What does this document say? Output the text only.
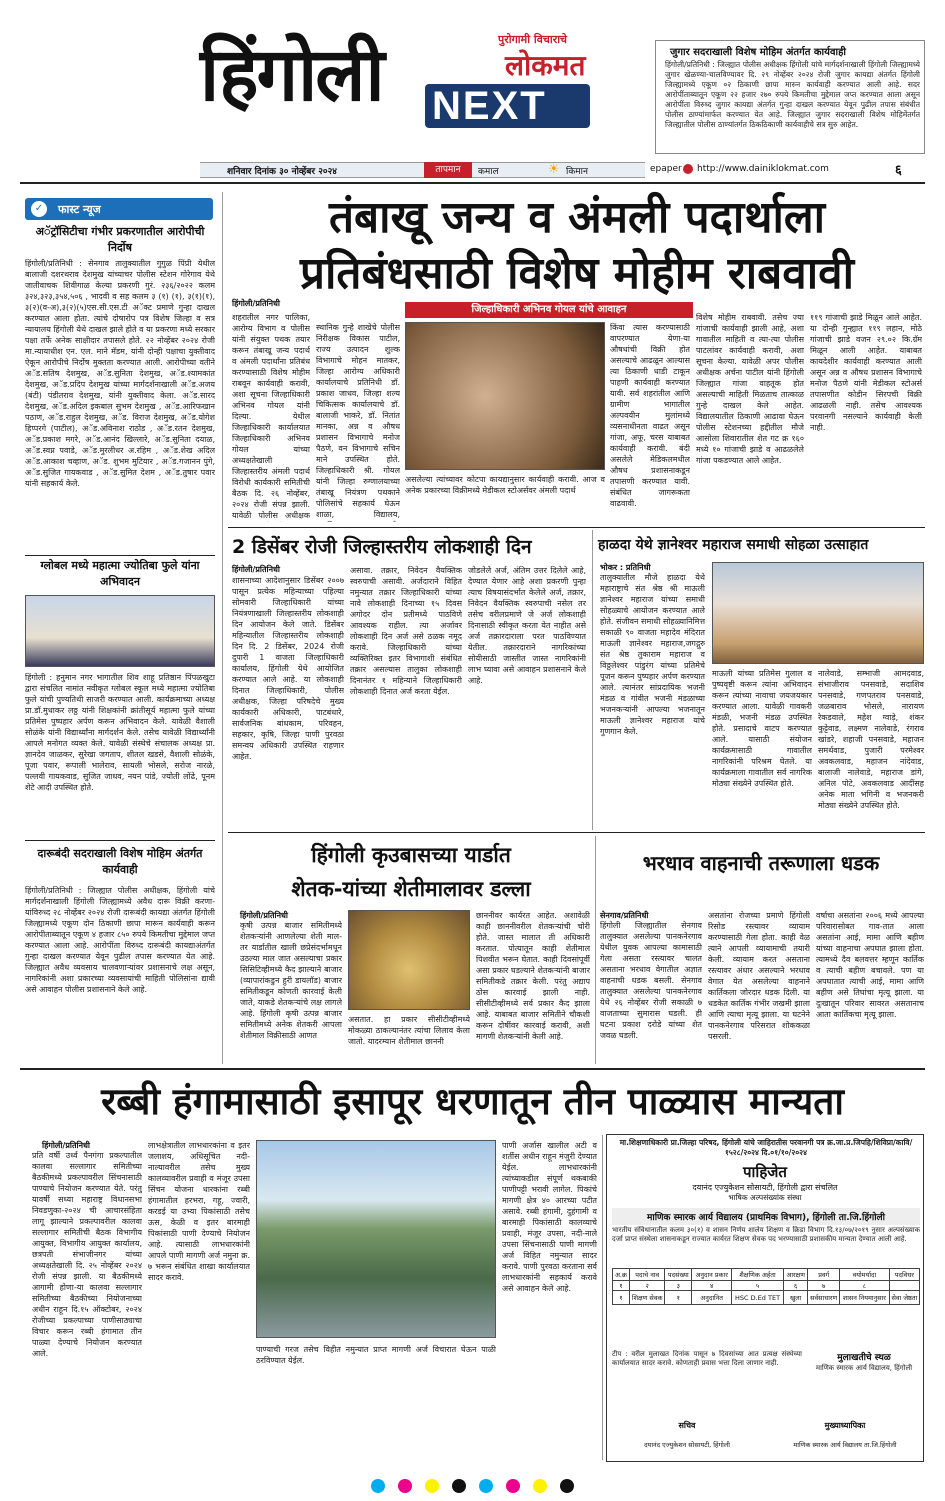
हिंगोली	पुरोगामी विचाराचे
लोकमत
NEXT
शनिवार दिनांक ३० नोव्हेंबर २०२४	तापमान	कमाल	☀ किमान	epaper http://www.dainiklokmat.com	६
जुगार सदराखाली विशेष मोहिम अंतर्गत कार्यवाही
हिंगोली/प्रतिनिधी : जिल्ह्यात पोलीस अधीक्षक हिंगोली यांचे मार्गदर्शनाखाली हिंगोली जिल्ह्यामध्ये जुगार खेळण्या-चालविण्यावर दि. २९ नोव्हेंबर २०२४ रोजी जुगार कायद्या अंतर्गत हिंगोली जिल्ह्यामध्ये एकूण ०२ ठिकाणी छापा मारुन कार्यवाही करण्यात आली आहे. सदर आरोपींताब्यातून एकूण २२ हजार २७० रुपये किमतीचा मुद्देमाल जप्त करण्यात आला असून आरोपींता विरुध्द जुगार कायद्या अंतर्गत गुन्हा दाखल करण्यात येवून पुढील तपास संबंधीत पोलीस ठाण्यांमार्फत करण्यात येत आहे. जिल्ह्यात जुगार सदराखाली विशेष मोहिमेंतर्गत जिल्ह्यातील पोलीस ठाण्यांतर्गत ठिकठिकाणी कार्यवाहीचे सत्र सुरु आहेत.
✓	फास्ट न्यूज
अॅट्रॉसिटीचा गंभीर प्रकरणातील आरोपीची निर्दोष
हिंगोली/प्रतिनिधी : सेनगाव तालुक्यातील गुगुळ पिंप्री येथील बालाजी दशरथराव देशमुख यांच्याचर पोलीस स्टेशन गोरेगाव येथे जातीवाचक शिवीगाळ केल्या प्रकरणी गुरं. २३६/२०२२ कलम ३२४,३२३,३५४,५०६ , भादवी व सह कलम ३ (१) (१), ३(१)(१), ३(२)(व-अ),३(२)(५)एस.सी.एस.टी अॅक्ट प्रमाणे गुन्हा दाखल करण्यात आला होता. त्यांचे दोषारोप पत्र विशेष जिल्हा व सत्र न्यायालय हिंगोली येथे दाखल झाले होते व या प्रकरणा मध्ये सरकार पक्षा तर्फे अनेक साक्षीदार तपासले होते. २२ नोव्हेंबर २०२४ रोजी मा.न्यायाधीश एन. एल. माने मॅडम, यांनी दोन्ही पक्षाचा युक्तीवाद ऐकून आरोपीचे निर्दोष मुक्तता करण्यात आली. आरोपीच्या वतीने अॅड.सतिष देशमुख, अॅड.सुनिता देशमुख, अॅड.श्यामकांत देशमुख, अॅड.प्रदिप देशमुख यांच्या मार्गदर्शनाखाली अॅड.अजय (बंटी) पंडीतराव देशमुख, यांनी युक्तीवाद केला. अॅड.सारद देशमुख, अॅड.अदिल इकबाल सुभम देशमुख , अॅड.आरिफखान पठाण, अॅड.राहुल देशमुख, अॅड. विराज देशमुख, अॅड.योगेश हिप्परगे (पाटील), अॅड.अविनाश राठोड , अॅड.रतन देशमुख, अॅड.प्रकाश मगरे, अॅड.आनंद खिल्लारे, अॅड.सुनिता दयाळ, अॅड.स्वप्न पवाडे, अॅड.मुरलीधर अ.रहिम , अॅड.शेख अदिल अॅड.आकाश चव्हाण, अॅड. शुभम मुटियार , अॅड.गजानन पुंगे, अॅड.सुजित गायकवाड , अॅड.सुमित देशम , अॅड.तुषार पवार यांनी सहकार्य केले.
ग्लोबल मध्ये महात्मा ज्योतिबा फुले यांना अभिवादन
हिंगोली : हनुमान नगर भागातील शिव शाहू प्रतिष्ठान पिंपळखुटा द्वारा संचलित नामांत नवीकृत ग्लोबल स्कूल मध्ये महात्मा ज्योतिबा फुले यांची पुण्यतिथी साजरी करण्यात आली. कार्यक्रमाच्या अध्यक्ष प्रा.डॉ.मुधाकर लठ्ठ यांनी शिक्षकांनी क्रांतीसूर्य महात्मा फुले यांच्या प्रतिमेस पुष्पहार अर्पण करून अभिवादन केले. यावेळी वैशाली सोळंके यांनी विद्यार्थ्यांना मार्गदर्शन केले. तसेच यावेळी विद्यार्थ्यांनी आपले मनोगत व्यक्त केले. यावेळी संस्थेचे संचालक अध्यक्ष प्रा. ज्ञानदेव जाळकर, सुरेखा जगताप, शीतल खडसे, वैशाली सोळंके, पूजा पवार, रूपाली भालेराव, सायली भोसले, सरोज नारळे, पल्लवी गायकवाड, सुजित जाधव, नयन पांडे, ज्योती लोंढे, पूनम शेटे आदी उपस्थित होते.
दारूबंदी सदराखाली विशेष मोहिम अंतर्गत कार्यवाही
हिंगोली/प्रतिनिधी : जिल्ह्यात पोलीस अधीक्षक, हिंगोली यांचे मार्गदर्शनाखाली हिंगोली जिल्ह्यामध्ये अवैध दारू विक्री करणा-यांविरुध्द २८ नोव्हेंबर २०२४ रोजी दारूबंदी कायद्या अंतर्गत हिंगोली जिल्ह्यामध्ये एकूण दोन ठिकाणी छापा मारून कार्यवाही करून आरोपीताब्यातून एकूण ४ हजार ८५० रुपये किमतीचा मुद्देमाल जप्त करण्यात आला आहे. आरोपींता विरुध्द दारूबंदी कायद्याअंतर्गत गुन्हा दाखल करण्यात येवून पुढील तपास करण्यात येत आहे. जिल्ह्यात अवैध व्यवसाय चालवणाऱ्यांवर प्रशासनाचे लक्ष असून, नागरिकांनी अशा प्रकारच्या व्यवसायांची माहिती पोलिसांना द्यावी असे आवाहन पोलीस प्रशासनाने केले आहे.
तंबाखू जन्य व अंमली पदार्थाला
प्रतिबंधसाठी विशेष मोहीम राबवावी
हिंगोली/प्रतिनिधी
जिल्हाधिकारी अभिनव गोयल यांचे आवाहन
शहरातील नगर पालिका, आरोग्य विभाग व पोलीस यांनी संयुक्त पथक तयार करून तंबाखू जन्य पदार्थ व अंमली पदार्थांना प्रतिबंध करण्यासाठी विशेष मोहीम राबवून कार्यवाही करावी, अशा सूचना जिल्हाधिकारी अभिनव गोयल यांनी दिल्या. येथील जिल्हाधिकारी कार्यालयात जिल्हाधिकारी अभिनव गोयल यांच्या अध्यक्षतेखाली जिल्हास्तरीय अंमली पदार्थ विरोधी कार्यकारी समितीची बैठक दि. २६ नोव्हेंबर, २०२४ रोजी संपन्न झाली. यावेळी पोलीस अधीक्षक
स्थानिक गुन्हे शाखेचे पोलीस निरीक्षक विकास पाटील, राज्य उत्पादन शुल्क विभागाचे मोहन मातकर, जिल्हा आरोग्य अधिकारी कार्यालयाचे प्रतिनिधी डॉ. प्रकाश जाधव, जिल्हा शल्य चिकित्सक कार्यालयाचे डॉ. बालाजी भाकरे, डॉ. नितांत मानका, अन्न व औषध प्रशासन विभागाचे मनोज पैठणे, वन विभागाचे सचिन माने उपस्थित होते. जिल्हाधिकारी श्री. गोयल यांनी जिल्हा रुग्णालयाच्या तंबाखू नियंत्रण पथकाने पोलिसांचे सहकार्य घेऊन शाळा, विद्यालय,
असलेल्या त्यांच्यावर कोटपा कायद्यानुसार कार्यवाही करावी. आज व अनेक प्रकारच्या विक्रीमध्ये मेडीकल स्टोअर्सवर अंमली पदार्थ
किंवा त्यास करण्यासाठी वापरण्यात येणा-या औषधांची विक्री होत असल्याचे आढळून आल्यास त्या ठिकाणी धाडी टाकून पाहणी कार्यवाही करण्यात यावी. सर्व शहरांतील आणि ग्रामीण भागातील अल्पवयीन मुलांमध्ये व्यसनाधीनता वाढत असून गांजा, अफू, चरस याबाबत कार्यवाही करावी. बंदी असलेले मेडिकलमधील औषध प्रशासनाकडून तपासणी करण्यात यावी. संबंधित जागरूकता वाढवावी.
विशेष मोहीम राबवावी. तसेच ज्या गांजाची कार्यवाही झाली आहे, अशा गावातील माहिती व त्या-त्या पोलीस पाटलांवर कार्यवाही करावी, अशा सूचना केल्या. यावेळी अपर पोलीस अधीक्षक अर्चना पाटील यांनी हिंगोली जिल्ह्यात गांजा वाहतूक होत असल्याची माहिती मिळताच तात्काळ गुन्हे दाखल केले आहेत. विद्यालयातील ठिकाणी आढावा घेऊन पोलीस स्टेशनच्या हद्दीतील मौजे आसोला शिवारातील शेत गट क्र १६० मध्ये १० गांजाची झाडे व आढळलेले गांजा पकडण्यात आले आहेत.
११९ गांजाची झाडे मिळून आले आहेत. या दोन्ही गुन्ह्यात ११९ लहान, मोठे गांजाची झाडे वजन २९.०२ कि.ग्रॅम मिळून आली आहेत. याबाबत कायदेशीर कार्यवाही करण्यात आली असून अन्न व औषध प्रशासन विभागाचे मनोज पैठणे यांनी मेडीकल स्टोअर्स तपासणीत कोडीन सिरपची विक्री आढळली नाही. तसेच आवश्यक परवानगी नसल्याने कार्यवाही केली नाही.
2 डिसेंबर रोजी जिल्हास्तरीय लोकशाही दिन
हिंगोली/प्रतिनिधी
शासनाच्या आदेशानुसार डिसेंबर २००७ पासून प्रत्येक महिन्याच्या पहिल्या सोमवारी जिल्हाधिकारी यांच्या नियंत्रणाखाली जिल्हास्तरीय लोकशाही दिन आयोजन केले जाते. डिसेंबर महिन्यातील जिल्हास्तरीय लोकशाही दिन दि. 2 डिसेंबर, 2024 रोजी दुपारी 1 वाजता जिल्हाधिकारी कार्यालय, हिंगोली येथे आयोजित करण्यात आले आहे. या लोकशाही दिनात जिल्हाधिकारी, पोलीस अधीक्षक, जिल्हा परिषदेचे मुख्य कार्यकारी अधिकारी, पाटबंधारे, सार्वजनिक बांधकाम, परिवहन, सहकार, कृषि, जिल्हा पाणी पुरवठा समन्वय अधिकारी उपस्थित राहणार आहेत.
असावा. तक्रार, निवेदन वैयक्तिक स्वरुपाची असावी. अर्जदाराने विहित नमुन्यात तक्रार जिल्हाधिकारी यांच्या नावे लोकशाही दिनाच्या १५ दिवस अगोदर दोन प्रतीमध्ये पाठविणे आवश्यक राहील. त्या अर्जावर लोकशाही दिन अर्ज असे ठळक नमूद करावे. जिल्हाधिकारी यांच्या व्यक्तिरिक्त इतर विभागाशी संबंधित तक्रार असल्यास तालुका लोकशाही दिनानंतर १ महिन्याने जिल्हाधिकारी लोकशाही दिनात अर्ज करता येईल.
जोडलेले अर्ज, अंतिम उत्तर दिलेले आहे, देण्यात येणार आहे अशा प्रकरणी पुन्हा त्याच विषयासंदर्भात केलेले अर्ज, तक्रार, निवेदन वैयक्तिक स्वरुपाची नसेल तर तसेच वरीलप्रमाणे जे अर्ज लोकशाही दिनासाठी स्वीकृत करता येत नाहीत असे अर्ज तक्रारदाराला परत पाठविण्यात येतील. तक्रारदाराने नागरिकांच्या सोयीसाठी जास्तीत जास्त नागरिकांनी लाभ घ्यावा असे आवाहन प्रशासनाने केले आहे.
हाळदा येथे ज्ञानेश्वर महाराज समाधी सोहळा उत्साहात
भोकर : प्रतिनिधी
तालुक्यातील मौजे हाळदा येथे महाराष्ट्राचे संत श्रेष्ठ श्री माऊली ज्ञानेश्वर महाराज यांच्या समाधी सोहळ्याचे आयोजन करण्यात आले होते. संजीवन समाधी सोहळ्यानिमित्त सकाळी ९० वाजता महादेव मंदिरात माऊली ज्ञानेश्वर महाराज,जगद्गुरु संत श्रेष्ठ तुकाराम महाराज व विठ्ठलेश्वर पांडुरंग यांच्या प्रतिमेचे पूजन करून पुष्पहार अर्पण करण्यात आले. त्यानंतर सांप्रदायिक भजनी मंडळ व गांवीत भजनी मंडळाच्या भजनकऱ्यांनी आपल्या भजनातून माऊली ज्ञानेश्वर महाराज यांचे गुणगान केले.
माऊली यांच्या प्रतिमेस गुलाल व पुष्पवृष्टी करून त्यांना अभिवादन करून त्यांच्या नावाचा जयजयकार करण्यात आला. यावेळी गावकरी मंडळी, भजनी मंडळ उपस्थित होते. प्रसादाचे वाटप करण्यात आले. यासाठी संयोजन कार्यक्रमासाठी गावातील नागरिकांनी परिश्रम घेतले. या कार्यक्रमाला गावातील सर्व नागरिक मोठ्या संख्येने उपस्थित होते.
नालेवाडे, सम्भाजी आमदवाड, संभाजीराव पनसवाडे, सदाशिव पनसवाडे, गणपतराव पनसवाडे, जळबाराव भोसले, नारायण रेकडवाले, महेश ग्वाड़े, शंकर कुट्टेवाड, लक्ष्मण नालेवाडे, रंगराव खांडरे, शहाजी पनसवाडे, महाजन समर्थवाड, पुजारी परमेश्वर अवकलवाड, महाजन नांदेवाड, बालाजी नालेवाडे, महाराज डांगे, अनिल पोटे, अवकलवाड आदींसह अनेक माता भगिनी व भजनकरी मोठ्या संख्येने उपस्थित होते.
हिंगोली कृउबासच्या यार्डात
शेतक-यांच्या शेतीमालावर डल्ला
हिंगोली/प्रतिनिधी
कृषी उत्पन्न बाजार समितीमध्ये शेतकर्‍यांनी आणलेल्या शेती माल-तर यार्डातील खाली छप्रेसंदर्भामधून उठल्या माल जात असल्याचा प्रकार सिसिटिव्हीमध्ये कैद झाल्याने बाजार (व्यापारांकडुन हुरी डायलॉड) बाजार समितीकडून कोणती कारवाई केली जाते, याकडे शेतकर्‍यांचे लक्ष लागले आहे. हिंगोली कृषी उत्पन्न बाजार समितीमध्ये अनेक शेतकरी आपला शेतीमाल विक्रीसाठी आणत
असतात. हा प्रकार सीसीटीव्हीमध्ये मोकळ्या ठाकल्यानंतर त्यांचा लिलाव केला जातो. यादरम्यान शेतीमाल छाननी
छाननीवर कार्यरत आहेत. अशावेळी काही छाननीवरील शेतकऱ्यांची चोरी होते. जास्त मालात ती अधिकारी करतात. पोत्यातून काही शेतीमाल पिशवीत भरून घेतात. काही दिवसांपूर्वी असा प्रकार घडल्याने शेतकऱ्यांनी बाजार समितीकडे तक्रार केली. परंतु अद्याप ठोस कारवाई झाली नाही. सीसीटीव्हीमध्ये सर्व प्रकार कैद झाला आहे. याबाबत बाजार समितीने चौकशी करून दोषींवर कारवाई करावी, अशी मागणी शेतकऱ्यांनी केली आहे.
भरधाव वाहनाची तरूणाला धडक
सेनगाव/प्रतिनिधी
हिंगोली जिल्ह्यातील सेनगाव तालुक्यात असलेल्या पानकनेरगाव येथील युवक आपल्या कामासाठी गेला असता रस्त्यावर चालत असताना भरधाव वेगातील अज्ञात वाहनाची धडक बसली. सेनगाव तालुक्यात असलेल्या पानकनेरगाव येथे २६ नोव्हेंबर रोजी सकाळी ७ वाजताच्या सुमारास घडली. ही घटना प्रकाश दरोडे यांच्या शेत जवळ घडली.
असतांना रोजच्या प्रमाणे हिंगोली रिसोड रस्त्यावर व्यायाम करण्यासाठी गेला होता. काही वेळ त्याने आपली व्यायामाची तयारी केली. व्यायाम करत असताना रस्त्यावर अंधार असल्याने भरधाव वेगात येत असलेल्या वाहनाने कार्तिकला जोरदार धडक दिली. या धडकेत कार्तिक गंभीर जखमी झाला आणि त्याचा मृत्यू झाला. या घटनेने पानकनेरगाव परिसरात शोककळा पसरली.
वर्षाचा असतांना २००६ मध्ये आपल्या परिवारासोबत गाव-तात आला असतांना आई, मामा आणि बहीण यांच्या वाहनाचा अपघात झाला होता. त्यामध्ये दैव बलवत्तर म्हणून कार्तिक व त्याची बहीण बचावले. पण या अपघातात त्याची आई, मामा आणि बहीण असे तिघांचा मृत्यू झाला. या दुःखातून परिवार सावरत असतानाच आता कार्तिकचा मृत्यू झाला.
रब्बी हंगामासाठी इसापूर धरणातून तीन पाळ्यास मान्यता
हिंगोली/प्रतिनिधी
प्रति वर्षी उर्ध्व पैनगंगा प्रकल्पातील कालवा सल्लागार समितीच्या बैठकीमध्ये प्रकल्पावरील सिंचनासाठी पाण्याचे नियोजन करण्यात येते. परंतु यावर्षी सध्या महाराष्ट्र विधानसभा निवडणुका-२०२४ ची आचारसंहिता लागू झाल्याने प्रकल्पावरील कालवा सल्लागार समितीची बैठक विभागीय आयुक्त, विभागीय आयुक्त कार्यालय, छत्रपती संभाजीनगर यांच्या अध्यक्षतेखाली दि. २५ नोव्हेंबर २०२४ रोजी संपन्न झाली. या बैठकीमध्ये आगामी होणा-या कालवा सल्लागार समितीच्या बैठकीच्या नियोजनाच्या अधीन राहून दि.१५ ऑक्टोबर, २०२४ रोजीच्या प्रकल्पाच्या पाणीसाठ्याचा विचार करून रब्बी हंगामात तीन पाळ्या देण्याचे नियोजन करण्यात आले.
लाभक्षेत्रातील लाभधारकांना व इतर जलाशय, अधिसूचित नदी-नाल्यावरील तसेच मुख्य कालव्यावरील प्रवाही व मंजूर उपसा सिंचन योजना धारकांना रब्बी हंगामातील हरभरा, गहू, ज्वारी, करडई या उभ्या पिकांसाठी तसेच ऊस, केळी व इतर बारमाही पिकांसाठी पाणी देण्याचे नियोजन आहे. त्यासाठी लाभधारकांनी आपले पाणी मागणी अर्ज नमुना क्र. ७ भरून संबंधित शाखा कार्यालयात सादर करावे.
पाण्याची गरज तसेच विहीत नमुन्यात प्राप्त मागणी अर्ज विचारात घेऊन पाळी ठरविण्यात येईल.
पाणी अर्जास खालील अटी व शर्तीस अधीन राहून मंजुरी देण्यात येईल. लाभधारकांनी त्यांच्याकडील संपूर्ण थकबाकी पाणीपट्टी भरावी लागेल. पिकांचे मागणी क्षेत्र ४० आरच्या पटीत असावे. रब्बी हंगामी, दुहंगामी व बारमाही पिकांसाठी कालव्याचे प्रवाही, मंजूर उपसा, नदी-नाले उपसा सिंचनासाठी पाणी मागणी अर्ज विहित नमुन्यात सादर करावे. पाणी पुरवठा करताना सर्व लाभधारकांनी सहकार्य करावे असे आवाहन केले आहे.
मा.शिक्षणाधिकारी प्रा.जिल्हा परिषद, हिंगोली यांचे जाहिरातीस परवानगी पत्र क्र.जा.प्र.जिपहि/शिविप्रा/कावि/१५२८/२०२४ दि.०१/१०/२०२४
पाहिजेत
दयानंद एज्युकेशन सोसायटी, हिंगोली द्वारा संचलित
भाषिक अल्पसंख्यांक संस्था
माणिक स्मारक आर्य विद्यालय (प्राथमिक विभाग), हिंगोली ता.जि.हिंगोली
भारतीय संविधानातील कलम ३०(१) व शासन निर्णय शालेय शिक्षण व क्रिडा विभाग दि.१३/०७/२०१९ नुसार अल्पसंख्याक दर्जा प्राप्त संस्थेला शासनाकडून राज्यात कार्यरत शिक्षण सेवक पद भरण्यासाठी प्रशासकीय मान्यता देण्यात आली आहे.
अ.क्र	पदाचे नाव	पदसंख्या	अनुदान प्रकार	शैक्षणिक अर्हता	आरक्षण	प्रवर्ग	वयोमर्यादा	पदविधर
१	२	३	४	५	६	७	८	
१	शिक्षण सेवक	१	अनुदानित	HSC D.Ed TET	खुला	सर्वसाधारण	शासन नियमानुसार	सेवा जेष्ठता
टीप : वरील मुलाखत दिनांक पासून ७ दिवसांच्या आत प्रत्यक्ष संस्थेच्या कार्यालयात सादर करावे. कोणताही प्रवास भत्ता दिला जाणार नाही.	मुलाखतीचे स्थळ
माणिक स्मारक आर्य विद्यालय, हिंगोली
सचिव
दयानंद एज्युकेशन सोसायटी, हिंगोली
मुख्याध्यापिका
माणिक स्मारक आर्य विद्यालय ता.जि.हिंगोली
